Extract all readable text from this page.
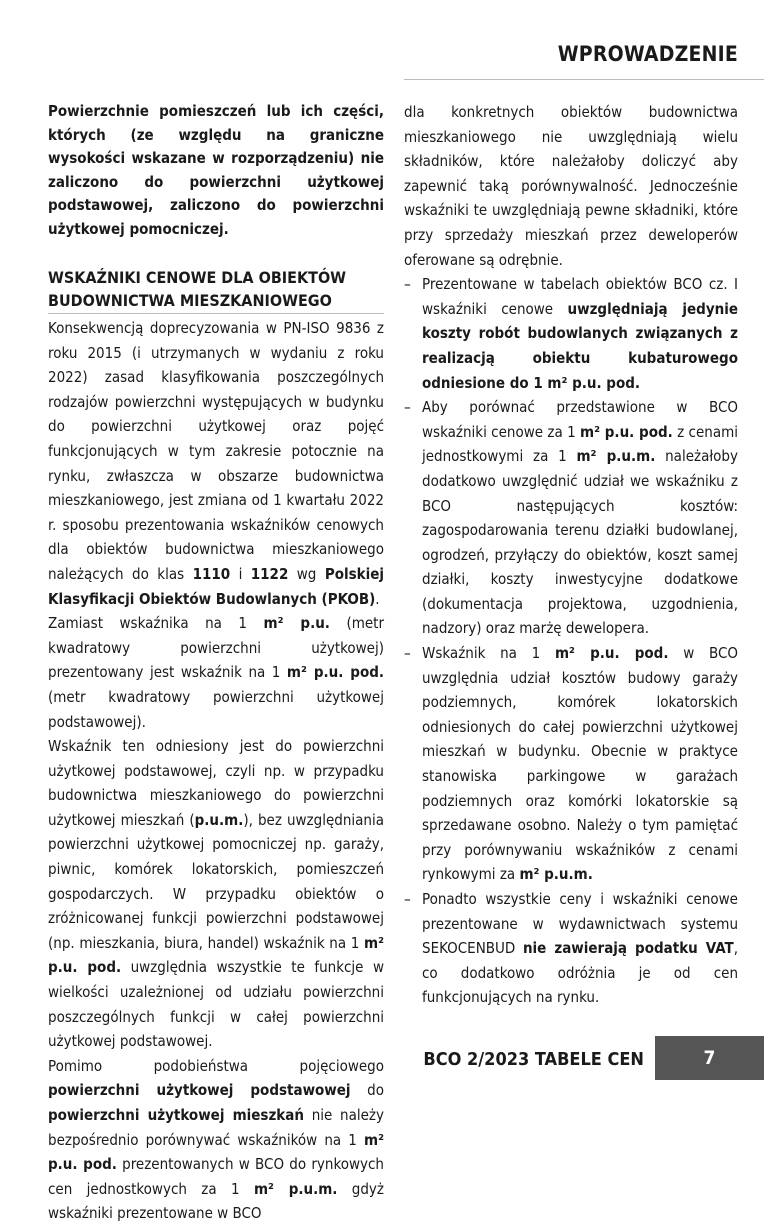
WPROWADZENIE

Powierzchnie pomieszczeń lub ich części, których (ze względu na graniczne wysokości wskazane w rozporządzeniu) nie zaliczono do powierzchni użytkowej podstawowej, zaliczono do powierzchni użytkowej pomocniczej.

WSKAŹNIKI CENOWE DLA OBIEKTÓW BUDOWNICTWA MIESZKANIOWEGO

Konsekwencją doprecyzowania w PN-ISO 9836 z roku 2015 (i utrzymanych w wydaniu z roku 2022) zasad klasyfikowania poszczególnych rodzajów powierzchni występujących w budynku do powierzchni użytkowej oraz pojęć funkcjonujących w tym zakresie potocznie na rynku, zwłaszcza w obszarze budownictwa mieszkaniowego, jest zmiana od 1 kwartału 2022 r. sposobu prezentowania wskaźników cenowych dla obiektów budownictwa mieszkaniowego należących do klas 1110 i 1122 wg Polskiej Klasyfikacji Obiektów Budowlanych (PKOB).

Zamiast wskaźnika na 1 m² p.u. (metr kwadratowy powierzchni użytkowej) prezentowany jest wskaźnik na 1 m² p.u. pod. (metr kwadratowy powierzchni użytkowej podstawowej).

Wskaźnik ten odniesiony jest do powierzchni użytkowej podstawowej, czyli np. w przypadku budownictwa mieszkaniowego do powierzchni użytkowej mieszkań (p.u.m.), bez uwzględniania powierzchni użytkowej pomocniczej np. garaży, piwnic, komórek lokatorskich, pomieszczeń gospodarczych. W przypadku obiektów o zróżnicowanej funkcji powierzchni podstawowej (np. mieszkania, biura, handel) wskaźnik na 1 m² p.u. pod. uwzględnia wszystkie te funkcje w wielkości uzależnionej od udziału powierzchni poszczególnych funkcji w całej powierzchni użytkowej podstawowej.

Pomimo podobieństwa pojęciowego powierzchni użytkowej podstawowej do powierzchni użytkowej mieszkań nie należy bezpośrednio porównywać wskaźników na 1 m² p.u. pod. prezentowanych w BCO do rynkowych cen jednostkowych za 1 m² p.u.m. gdyż wskaźniki prezentowane w BCO

dla konkretnych obiektów budownictwa mieszkaniowego nie uwzględniają wielu składników, które należałoby doliczyć aby zapewnić taką porównywalność. Jednocześnie wskaźniki te uwzględniają pewne składniki, które przy sprzedaży mieszkań przez deweloperów oferowane są odrębnie.

– Prezentowane w tabelach obiektów BCO cz. I wskaźniki cenowe uwzględniają jedynie koszty robót budowlanych związanych z realizacją obiektu kubaturowego odniesione do 1 m² p.u. pod.
– Aby porównać przedstawione w BCO wskaźniki cenowe za 1 m² p.u. pod. z cenami jednostkowymi za 1 m² p.u.m. należałoby dodatkowo uwzględnić udział we wskaźniku z BCO następujących kosztów: zagospodarowania terenu działki budowlanej, ogrodzeń, przyłączy do obiektów, koszt samej działki, koszty inwestycyjne dodatkowe (dokumentacja projektowa, uzgodnienia, nadzory) oraz marżę dewelopera.
– Wskaźnik na 1 m² p.u. pod. w BCO uwzględnia udział kosztów budowy garaży podziemnych, komórek lokatorskich odniesionych do całej powierzchni użytkowej mieszkań w budynku. Obecnie w praktyce stanowiska parkingowe w garażach podziemnych oraz komórki lokatorskie są sprzedawane osobno. Należy o tym pamiętać przy porównywaniu wskaźników z cenami rynkowymi za m² p.u.m.
– Ponadto wszystkie ceny i wskaźniki cenowe prezentowane w wydawnictwach systemu SEKOCENBUD nie zawierają podatku VAT, co dodatkowo odróżnia je od cen funkcjonujących na rynku.
BCO 2/2023 TABELE CEN	7
